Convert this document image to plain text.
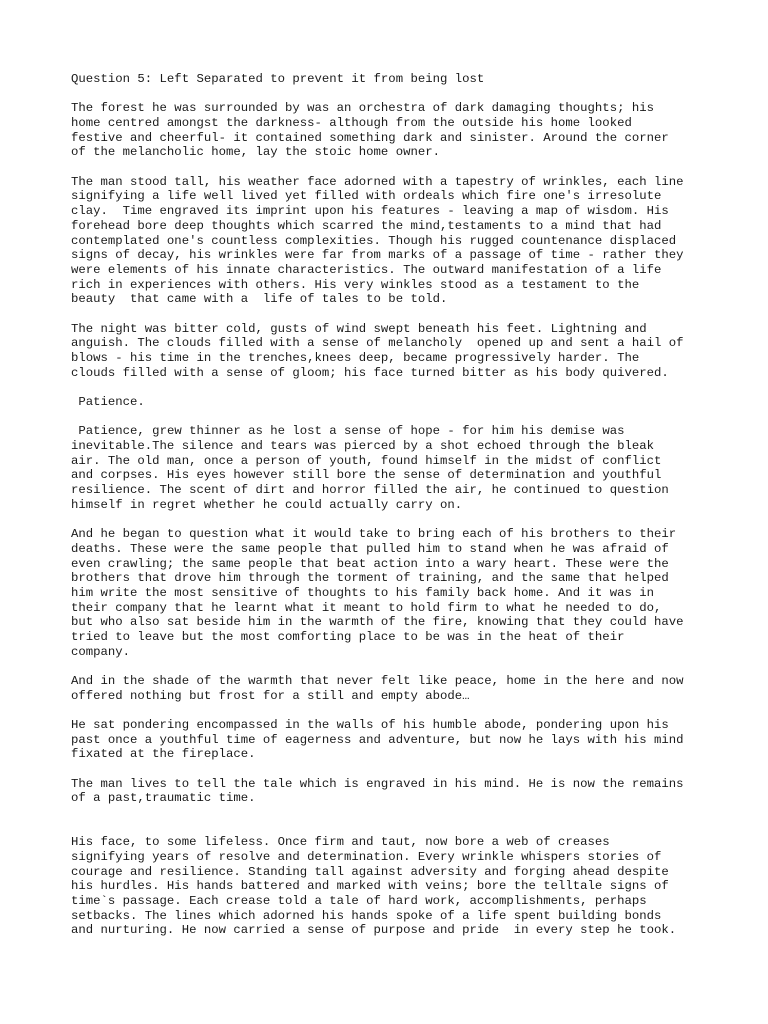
Question 5: Left Separated to prevent it from being lost

The forest he was surrounded by was an orchestra of dark damaging thoughts; his
home centred amongst the darkness- although from the outside his home looked
festive and cheerful- it contained something dark and sinister. Around the corner
of the melancholic home, lay the stoic home owner.

The man stood tall, his weather face adorned with a tapestry of wrinkles, each line
signifying a life well lived yet filled with ordeals which fire one's irresolute
clay.  Time engraved its imprint upon his features - leaving a map of wisdom. His
forehead bore deep thoughts which scarred the mind,testaments to a mind that had
contemplated one's countless complexities. Though his rugged countenance displaced
signs of decay, his wrinkles were far from marks of a passage of time - rather they
were elements of his innate characteristics. The outward manifestation of a life
rich in experiences with others. His very winkles stood as a testament to the
beauty  that came with a  life of tales to be told.

The night was bitter cold, gusts of wind swept beneath his feet. Lightning and
anguish. The clouds filled with a sense of melancholy  opened up and sent a hail of
blows - his time in the trenches,knees deep, became progressively harder. The
clouds filled with a sense of gloom; his face turned bitter as his body quivered.

Patience.

Patience, grew thinner as he lost a sense of hope - for him his demise was
inevitable.The silence and tears was pierced by a shot echoed through the bleak
air. The old man, once a person of youth, found himself in the midst of conflict
and corpses. His eyes however still bore the sense of determination and youthful
resilience. The scent of dirt and horror filled the air, he continued to question
himself in regret whether he could actually carry on.

And he began to question what it would take to bring each of his brothers to their
deaths. These were the same people that pulled him to stand when he was afraid of
even crawling; the same people that beat action into a wary heart. These were the
brothers that drove him through the torment of training, and the same that helped
him write the most sensitive of thoughts to his family back home. And it was in
their company that he learnt what it meant to hold firm to what he needed to do,
but who also sat beside him in the warmth of the fire, knowing that they could have
tried to leave but the most comforting place to be was in the heat of their
company.

And in the shade of the warmth that never felt like peace, home in the here and now
offered nothing but frost for a still and empty abode…

He sat pondering encompassed in the walls of his humble abode, pondering upon his
past once a youthful time of eagerness and adventure, but now he lays with his mind
fixated at the fireplace.

The man lives to tell the tale which is engraved in his mind. He is now the remains
of a past,traumatic time.

His face, to some lifeless. Once firm and taut, now bore a web of creases
signifying years of resolve and determination. Every wrinkle whispers stories of
courage and resilience. Standing tall against adversity and forging ahead despite
his hurdles. His hands battered and marked with veins; bore the telltale signs of
time`s passage. Each crease told a tale of hard work, accomplishments, perhaps
setbacks. The lines which adorned his hands spoke of a life spent building bonds
and nurturing. He now carried a sense of purpose and pride  in every step he took.
